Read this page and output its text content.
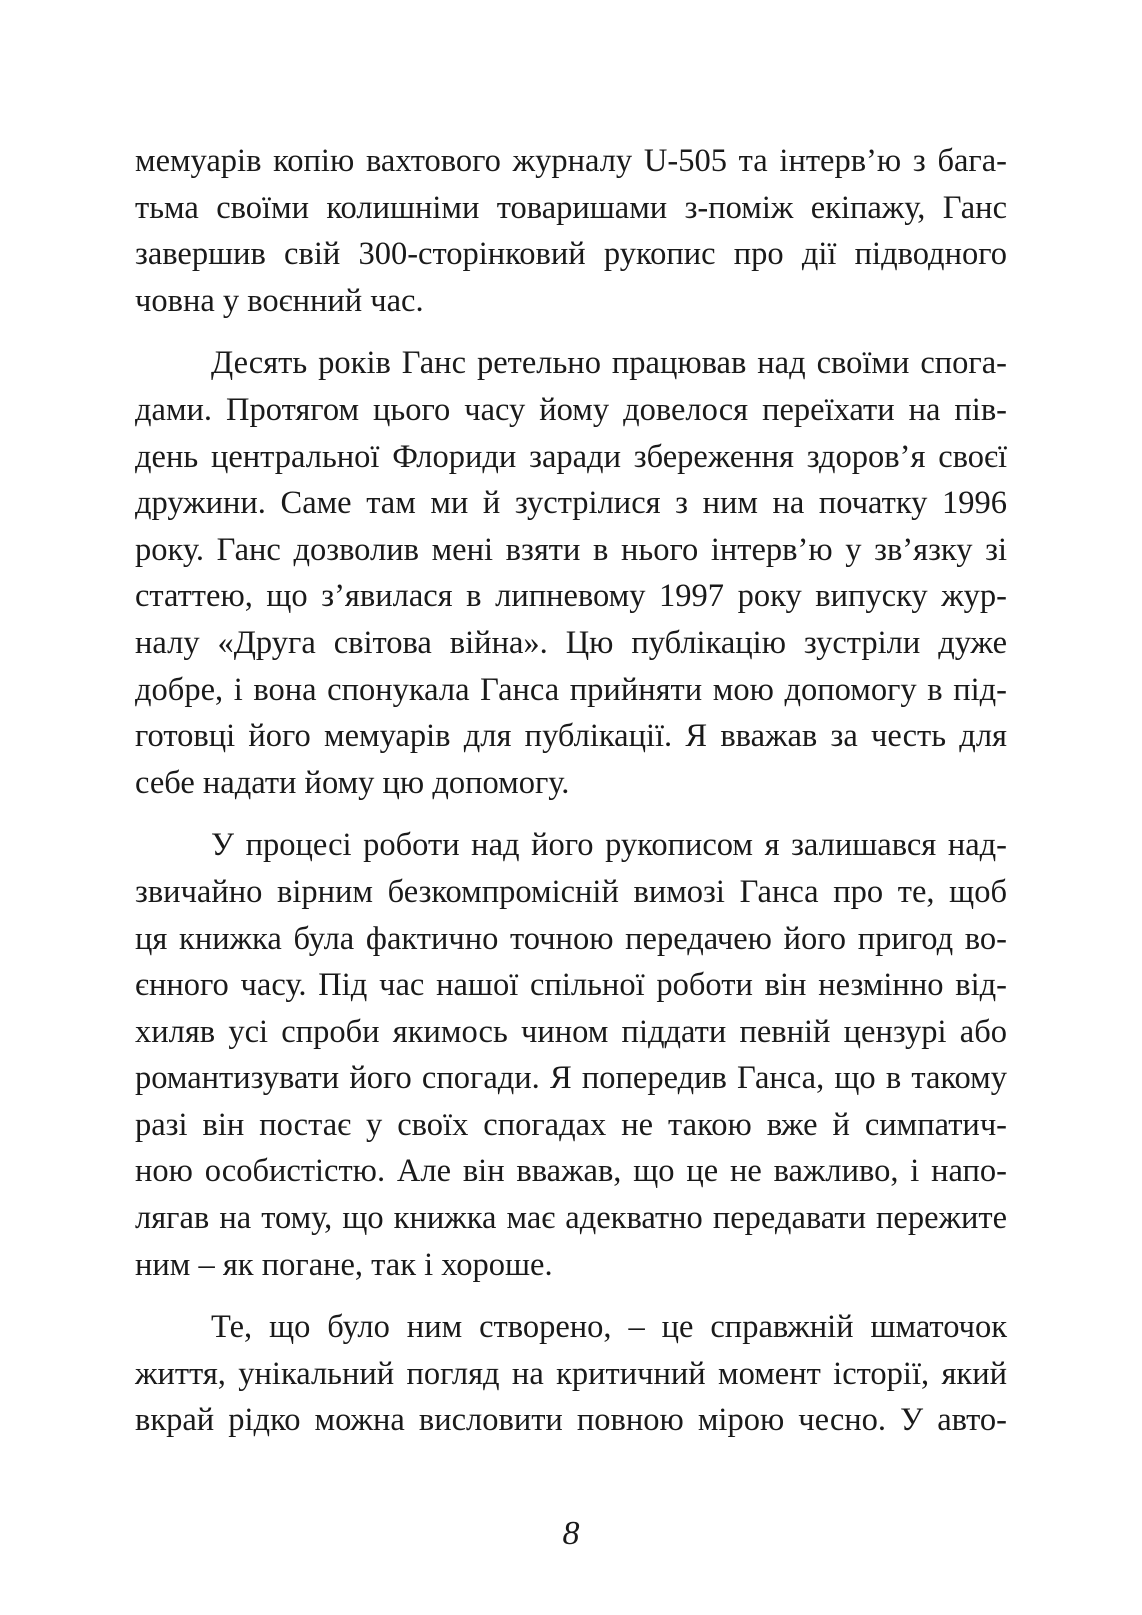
мемуарів копію вахтового журналу U-505 та інтерв’ю з бага-
тьма своїми колишніми товаришами з-поміж екіпажу, Ганс
завершив свій 300-сторінковий рукопис про дії підводного
човна у воєнний час.
Десять років Ганс ретельно працював над своїми спога-
дами. Протягом цього часу йому довелося переїхати на пів-
день центральної Флориди заради збереження здоров’я своєї
дружини. Саме там ми й зустрілися з ним на початку 1996
року. Ганс дозволив мені взяти в нього інтерв’ю у зв’язку зі
статтею, що з’явилася в липневому 1997 року випуску жур-
налу «Друга світова війна». Цю публікацію зустріли дуже
добре, і вона спонукала Ганса прийняти мою допомогу в під-
готовці його мемуарів для публікації. Я вважав за честь для
себе надати йому цю допомогу.
У процесі роботи над його рукописом я залишався над-
звичайно вірним безкомпромісній вимозі Ганса про те, щоб
ця книжка була фактично точною передачею його пригод во-
єнного часу. Під час нашої спільної роботи він незмінно від-
хиляв усі спроби якимось чином піддати певній цензурі або
романтизувати його спогади. Я попередив Ганса, що в такому
разі він постає у своїх спогадах не такою вже й симпатич-
ною особистістю. Але він вважав, що це не важливо, і напо-
лягав на тому, що книжка має адекватно передавати пережите
ним – як погане, так і хороше.
Те, що було ним створено, – це справжній шматочок
життя, унікальний погляд на критичний момент історії, який
вкрай рідко можна висловити повною мірою чесно. У авто-
8
